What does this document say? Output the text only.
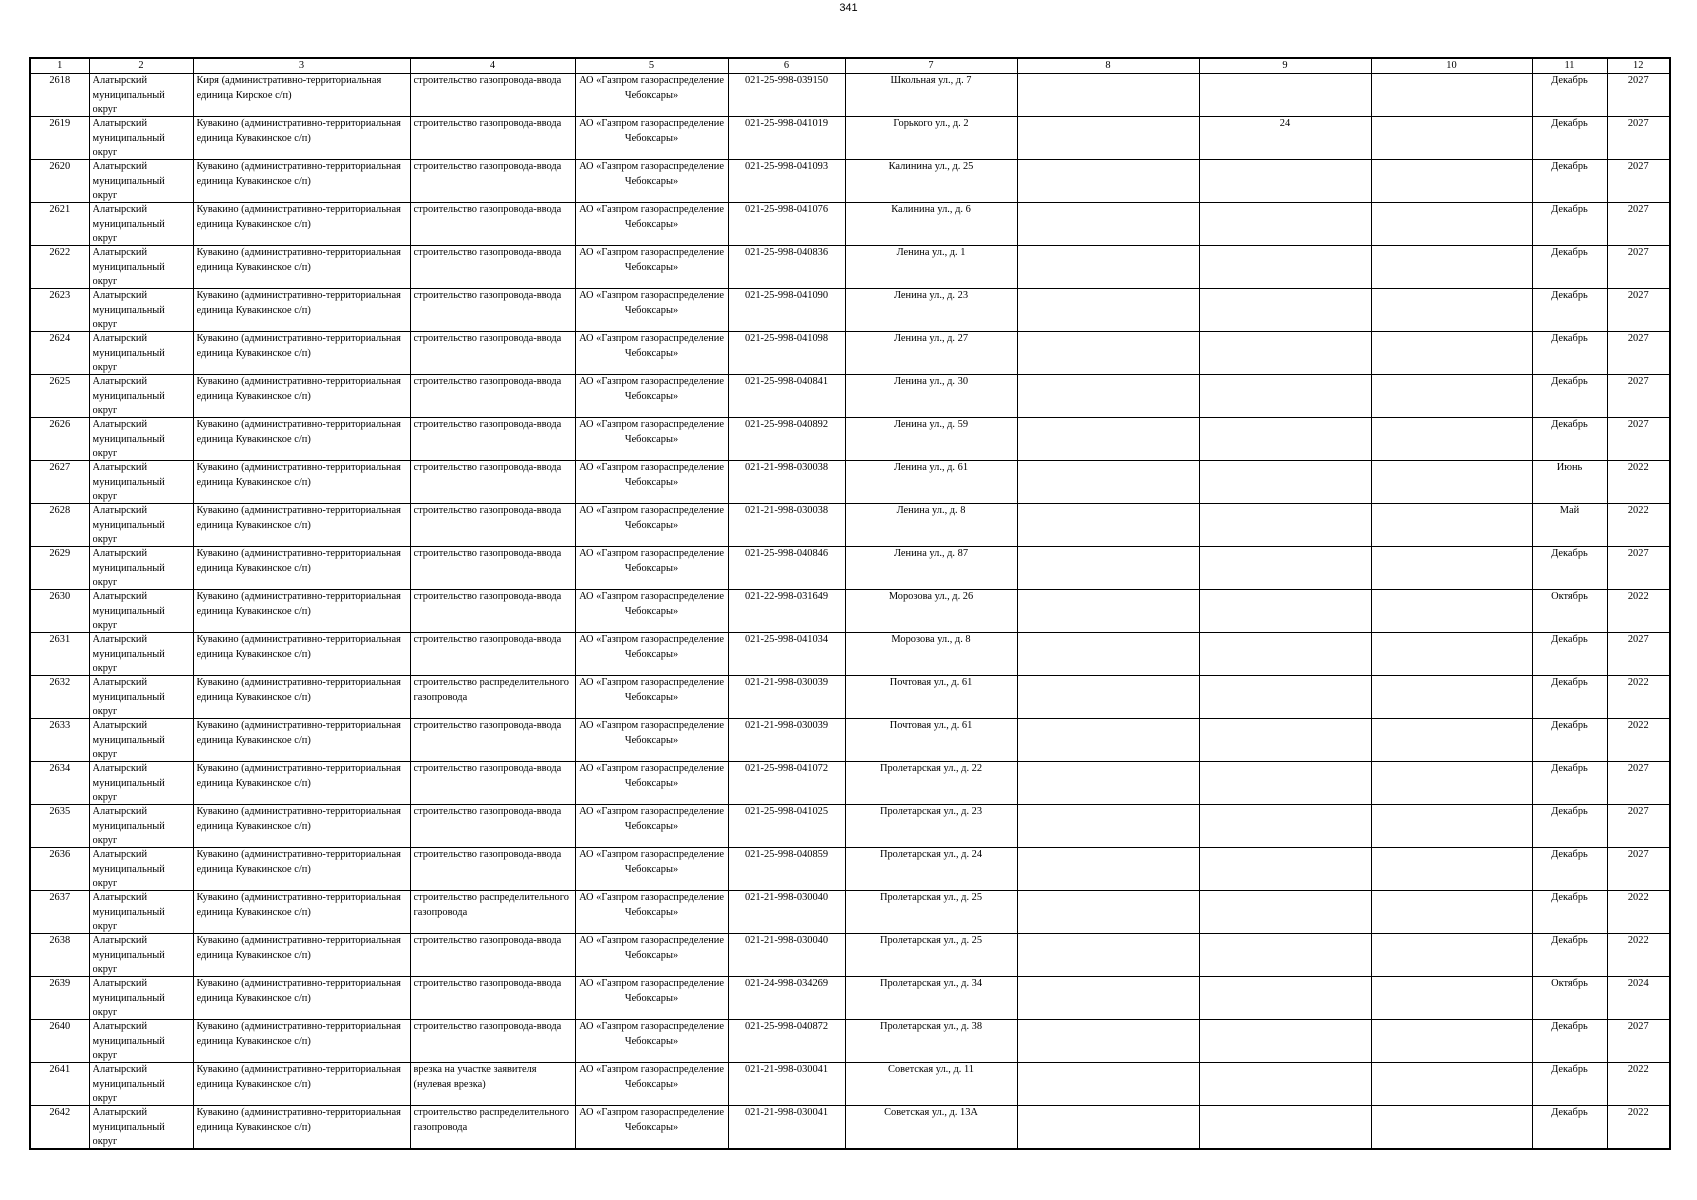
341
1	2	3	4	5	6	7	8	9	10	11	12

2618	Алатырский муниципальный округ	Киря (административно-территориальная единица Кирское с/п)	строительство газопровода-ввода	АО «Газпром газораспределение Чебоксары»	021-25-998-039150	Школьная ул., д. 7				Декабрь	2027

2619	Алатырский муниципальный округ	Кувакино (административно-территориальная единица Кувакинское с/п)	строительство газопровода-ввода	АО «Газпром газораспределение Чебоксары»	021-25-998-041019	Горького ул., д. 2		24		Декабрь	2027

2620	Алатырский муниципальный округ	Кувакино (административно-территориальная единица Кувакинское с/п)	строительство газопровода-ввода	АО «Газпром газораспределение Чебоксары»	021-25-998-041093	Калинина ул., д. 25				Декабрь	2027

2621	Алатырский муниципальный округ	Кувакино (административно-территориальная единица Кувакинское с/п)	строительство газопровода-ввода	АО «Газпром газораспределение Чебоксары»	021-25-998-041076	Калинина ул., д. 6				Декабрь	2027

2622	Алатырский муниципальный округ	Кувакино (административно-территориальная единица Кувакинское с/п)	строительство газопровода-ввода	АО «Газпром газораспределение Чебоксары»	021-25-998-040836	Ленина ул., д. 1				Декабрь	2027

2623	Алатырский муниципальный округ	Кувакино (административно-территориальная единица Кувакинское с/п)	строительство газопровода-ввода	АО «Газпром газораспределение Чебоксары»	021-25-998-041090	Ленина ул., д. 23				Декабрь	2027

2624	Алатырский муниципальный округ	Кувакино (административно-территориальная единица Кувакинское с/п)	строительство газопровода-ввода	АО «Газпром газораспределение Чебоксары»	021-25-998-041098	Ленина ул., д. 27				Декабрь	2027

2625	Алатырский муниципальный округ	Кувакино (административно-территориальная единица Кувакинское с/п)	строительство газопровода-ввода	АО «Газпром газораспределение Чебоксары»	021-25-998-040841	Ленина ул., д. 30				Декабрь	2027

2626	Алатырский муниципальный округ	Кувакино (административно-территориальная единица Кувакинское с/п)	строительство газопровода-ввода	АО «Газпром газораспределение Чебоксары»	021-25-998-040892	Ленина ул., д. 59				Декабрь	2027

2627	Алатырский муниципальный округ	Кувакино (административно-территориальная единица Кувакинское с/п)	строительство газопровода-ввода	АО «Газпром газораспределение Чебоксары»	021-21-998-030038	Ленина ул., д. 61				Июнь	2022

2628	Алатырский муниципальный округ	Кувакино (административно-территориальная единица Кувакинское с/п)	строительство газопровода-ввода	АО «Газпром газораспределение Чебоксары»	021-21-998-030038	Ленина ул., д. 8				Май	2022

2629	Алатырский муниципальный округ	Кувакино (административно-территориальная единица Кувакинское с/п)	строительство газопровода-ввода	АО «Газпром газораспределение Чебоксары»	021-25-998-040846	Ленина ул., д. 87				Декабрь	2027

2630	Алатырский муниципальный округ	Кувакино (административно-территориальная единица Кувакинское с/п)	строительство газопровода-ввода	АО «Газпром газораспределение Чебоксары»	021-22-998-031649	Морозова ул., д. 26				Октябрь	2022

2631	Алатырский муниципальный округ	Кувакино (административно-территориальная единица Кувакинское с/п)	строительство газопровода-ввода	АО «Газпром газораспределение Чебоксары»	021-25-998-041034	Морозова ул., д. 8				Декабрь	2027

2632	Алатырский муниципальный округ	Кувакино (административно-территориальная единица Кувакинское с/п)	строительство распределительного газопровода	АО «Газпром газораспределение Чебоксары»	021-21-998-030039	Почтовая ул., д. 61				Декабрь	2022

2633	Алатырский муниципальный округ	Кувакино (административно-территориальная единица Кувакинское с/п)	строительство газопровода-ввода	АО «Газпром газораспределение Чебоксары»	021-21-998-030039	Почтовая ул., д. 61				Декабрь	2022

2634	Алатырский муниципальный округ	Кувакино (административно-территориальная единица Кувакинское с/п)	строительство газопровода-ввода	АО «Газпром газораспределение Чебоксары»	021-25-998-041072	Пролетарская ул., д. 22				Декабрь	2027

2635	Алатырский муниципальный округ	Кувакино (административно-территориальная единица Кувакинское с/п)	строительство газопровода-ввода	АО «Газпром газораспределение Чебоксары»	021-25-998-041025	Пролетарская ул., д. 23				Декабрь	2027

2636	Алатырский муниципальный округ	Кувакино (административно-территориальная единица Кувакинское с/п)	строительство газопровода-ввода	АО «Газпром газораспределение Чебоксары»	021-25-998-040859	Пролетарская ул., д. 24				Декабрь	2027

2637	Алатырский муниципальный округ	Кувакино (административно-территориальная единица Кувакинское с/п)	строительство распределительного газопровода	АО «Газпром газораспределение Чебоксары»	021-21-998-030040	Пролетарская ул., д. 25				Декабрь	2022

2638	Алатырский муниципальный округ	Кувакино (административно-территориальная единица Кувакинское с/п)	строительство газопровода-ввода	АО «Газпром газораспределение Чебоксары»	021-21-998-030040	Пролетарская ул., д. 25				Декабрь	2022

2639	Алатырский муниципальный округ	Кувакино (административно-территориальная единица Кувакинское с/п)	строительство газопровода-ввода	АО «Газпром газораспределение Чебоксары»	021-24-998-034269	Пролетарская ул., д. 34				Октябрь	2024

2640	Алатырский муниципальный округ	Кувакино (административно-территориальная единица Кувакинское с/п)	строительство газопровода-ввода	АО «Газпром газораспределение Чебоксары»	021-25-998-040872	Пролетарская ул., д. 38				Декабрь	2027

2641	Алатырский муниципальный округ	Кувакино (административно-территориальная единица Кувакинское с/п)	врезка на участке заявителя (нулевая врезка)	АО «Газпром газораспределение Чебоксары»	021-21-998-030041	Советская ул., д. 11				Декабрь	2022

2642	Алатырский муниципальный округ	Кувакино (административно-территориальная единица Кувакинское с/п)	строительство распределительного газопровода	АО «Газпром газораспределение Чебоксары»	021-21-998-030041	Советская ул., д. 13А				Декабрь	2022
